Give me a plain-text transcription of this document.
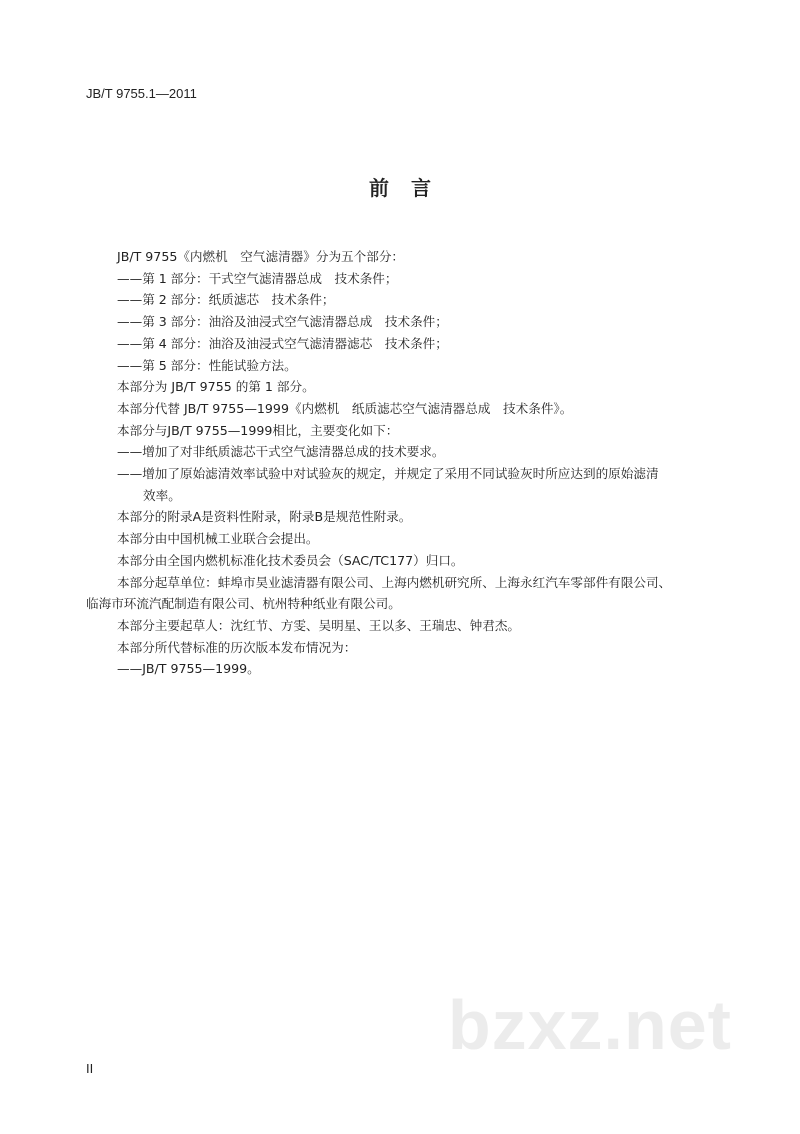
JB/T 9755.1—2011
前言
JB/T 9755《内燃机　空气滤清器》分为五个部分：
——第 1 部分：干式空气滤清器总成　技术条件；
——第 2 部分：纸质滤芯　技术条件；
——第 3 部分：油浴及油浸式空气滤清器总成　技术条件；
——第 4 部分：油浴及油浸式空气滤清器滤芯　技术条件；
——第 5 部分：性能试验方法。
本部分为 JB/T 9755 的第 1 部分。
本部分代替 JB/T 9755—1999《内燃机　纸质滤芯空气滤清器总成　技术条件》。
本部分与JB/T 9755—1999相比，主要变化如下：
——增加了对非纸质滤芯干式空气滤清器总成的技术要求。
——增加了原始滤清效率试验中对试验灰的规定，并规定了采用不同试验灰时所应达到的原始滤清
效率。
本部分的附录A是资料性附录，附录B是规范性附录。
本部分由中国机械工业联合会提出。
本部分由全国内燃机标准化技术委员会（SAC/TC177）归口。
本部分起草单位：蚌埠市昊业滤清器有限公司、上海内燃机研究所、上海永红汽车零部件有限公司、
临海市环流汽配制造有限公司、杭州特种纸业有限公司。
本部分主要起草人：沈红节、方雯、吴明星、王以多、王瑞忠、钟君杰。
本部分所代替标准的历次版本发布情况为：
——JB/T 9755—1999。
bzxz.net
II
